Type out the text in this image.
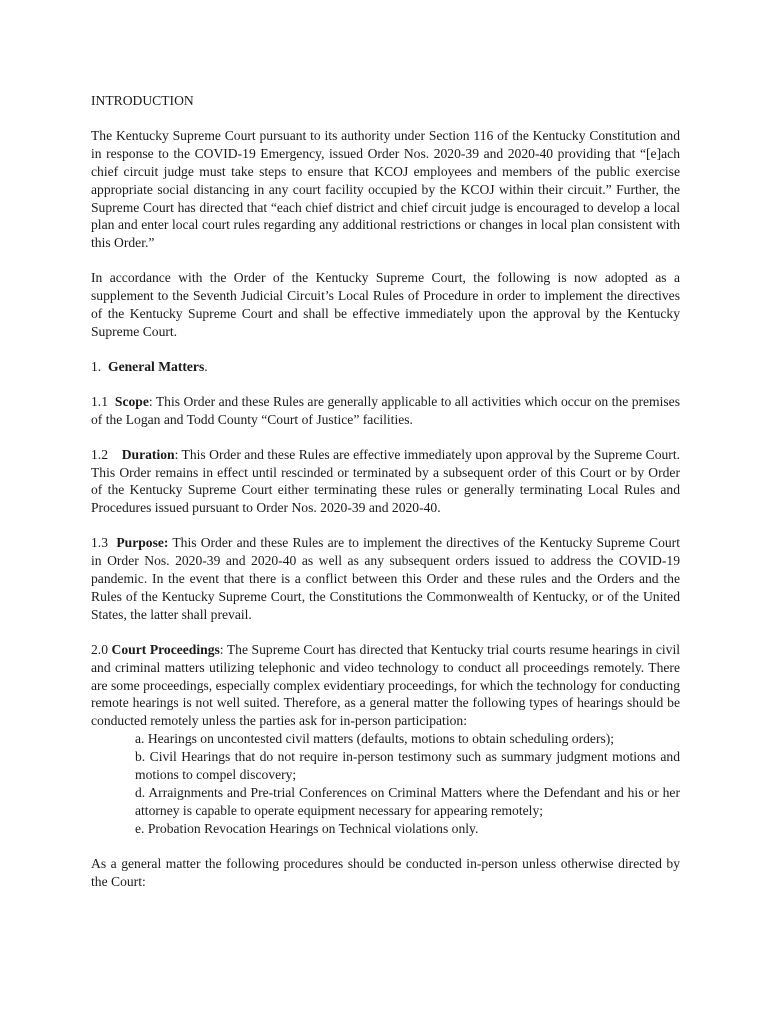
INTRODUCTION

The Kentucky Supreme Court pursuant to its authority under Section 116 of the Kentucky Constitution and in response to the COVID-19 Emergency, issued Order Nos. 2020-39 and 2020-40 providing that “[e]ach chief circuit judge must take steps to ensure that KCOJ employees and members of the public exercise appropriate social distancing in any court facility occupied by the KCOJ within their circuit.” Further, the Supreme Court has directed that “each chief district and chief circuit judge is encouraged to develop a local plan and enter local court rules regarding any additional restrictions or changes in local plan consistent with this Order.”

In accordance with the Order of the Kentucky Supreme Court, the following is now adopted as a supplement to the Seventh Judicial Circuit’s Local Rules of Procedure in order to implement the directives of the Kentucky Supreme Court and shall be effective immediately upon the approval by the Kentucky Supreme Court.

1. General Matters.

1.1 Scope: This Order and these Rules are generally applicable to all activities which occur on the premises of the Logan and Todd County “Court of Justice” facilities.

1.2 Duration: This Order and these Rules are effective immediately upon approval by the Supreme Court. This Order remains in effect until rescinded or terminated by a subsequent order of this Court or by Order of the Kentucky Supreme Court either terminating these rules or generally terminating Local Rules and Procedures issued pursuant to Order Nos. 2020-39 and 2020-40.

1.3 Purpose: This Order and these Rules are to implement the directives of the Kentucky Supreme Court in Order Nos. 2020-39 and 2020-40 as well as any subsequent orders issued to address the COVID-19 pandemic. In the event that there is a conflict between this Order and these rules and the Orders and the Rules of the Kentucky Supreme Court, the Constitutions the Commonwealth of Kentucky, or of the United States, the latter shall prevail.

2.0 Court Proceedings: The Supreme Court has directed that Kentucky trial courts resume hearings in civil and criminal matters utilizing telephonic and video technology to conduct all proceedings remotely. There are some proceedings, especially complex evidentiary proceedings, for which the technology for conducting remote hearings is not well suited. Therefore, as a general matter the following types of hearings should be conducted remotely unless the parties ask for in-person participation:
a. Hearings on uncontested civil matters (defaults, motions to obtain scheduling orders);
b. Civil Hearings that do not require in-person testimony such as summary judgment motions and motions to compel discovery;
d. Arraignments and Pre-trial Conferences on Criminal Matters where the Defendant and his or her attorney is capable to operate equipment necessary for appearing remotely;
e. Probation Revocation Hearings on Technical violations only.

As a general matter the following procedures should be conducted in-person unless otherwise directed by the Court:
